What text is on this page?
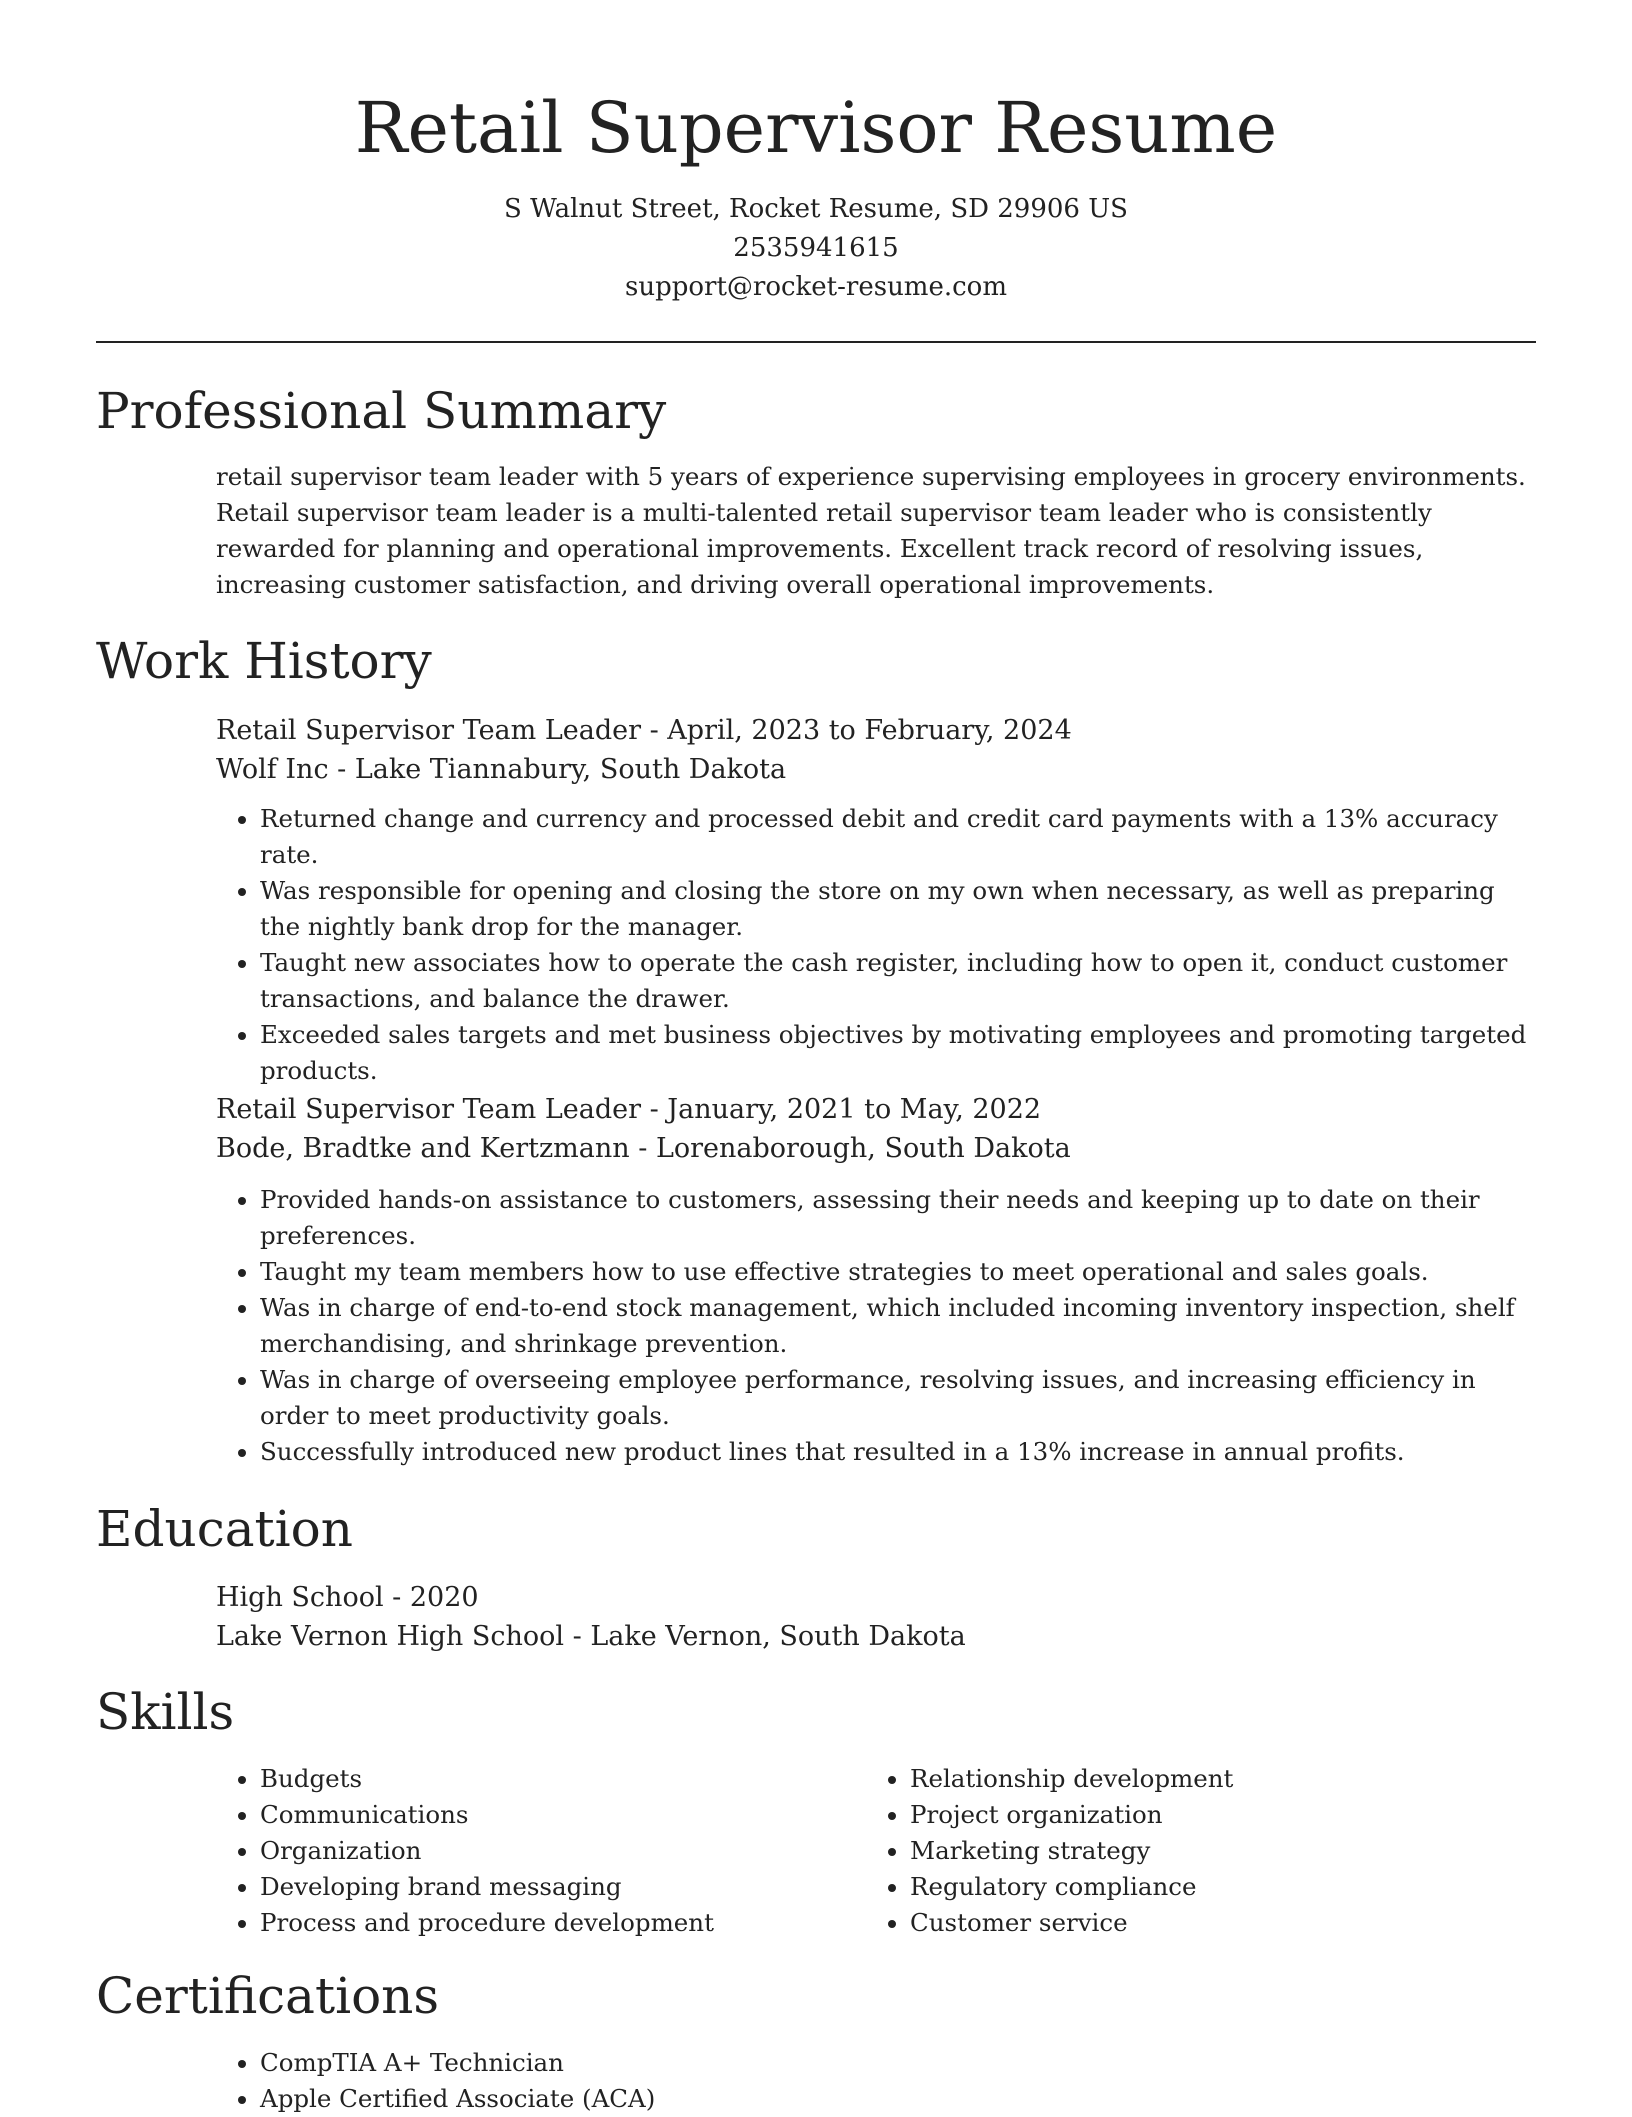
Retail Supervisor Resume
S Walnut Street, Rocket Resume, SD 29906 US
2535941615
support@rocket-resume.com
Professional Summary

retail supervisor team leader with 5 years of experience supervising employees in grocery environments. Retail supervisor team leader is a multi-talented retail supervisor team leader who is consistently rewarded for planning and operational improvements. Excellent track record of resolving issues, increasing customer satisfaction, and driving overall operational improvements.

Work History

Retail Supervisor Team Leader - April, 2023 to February, 2024

Wolf Inc - Lake Tiannabury, South Dakota

• Returned change and currency and processed debit and credit card payments with a 13% accuracy rate.
• Was responsible for opening and closing the store on my own when necessary, as well as preparing the nightly bank drop for the manager.
• Taught new associates how to operate the cash register, including how to open it, conduct customer transactions, and balance the drawer.
• Exceeded sales targets and met business objectives by motivating employees and promoting targeted products.

Retail Supervisor Team Leader - January, 2021 to May, 2022

Bode, Bradtke and Kertzmann - Lorenaborough, South Dakota

• Provided hands-on assistance to customers, assessing their needs and keeping up to date on their preferences.
• Taught my team members how to use effective strategies to meet operational and sales goals.
• Was in charge of end-to-end stock management, which included incoming inventory inspection, shelf merchandising, and shrinkage prevention.
• Was in charge of overseeing employee performance, resolving issues, and increasing efficiency in order to meet productivity goals.
• Successfully introduced new product lines that resulted in a 13% increase in annual profits.
Education

High School - 2020

Lake Vernon High School - Lake Vernon, South Dakota

Skills
• Budgets
• Communications
• Organization
• Developing brand messaging
• Process and procedure development
• Relationship development
• Project organization
• Marketing strategy
• Regulatory compliance
• Customer service
Certifications
• CompTIA A+ Technician
• Apple Certified Associate (ACA)
